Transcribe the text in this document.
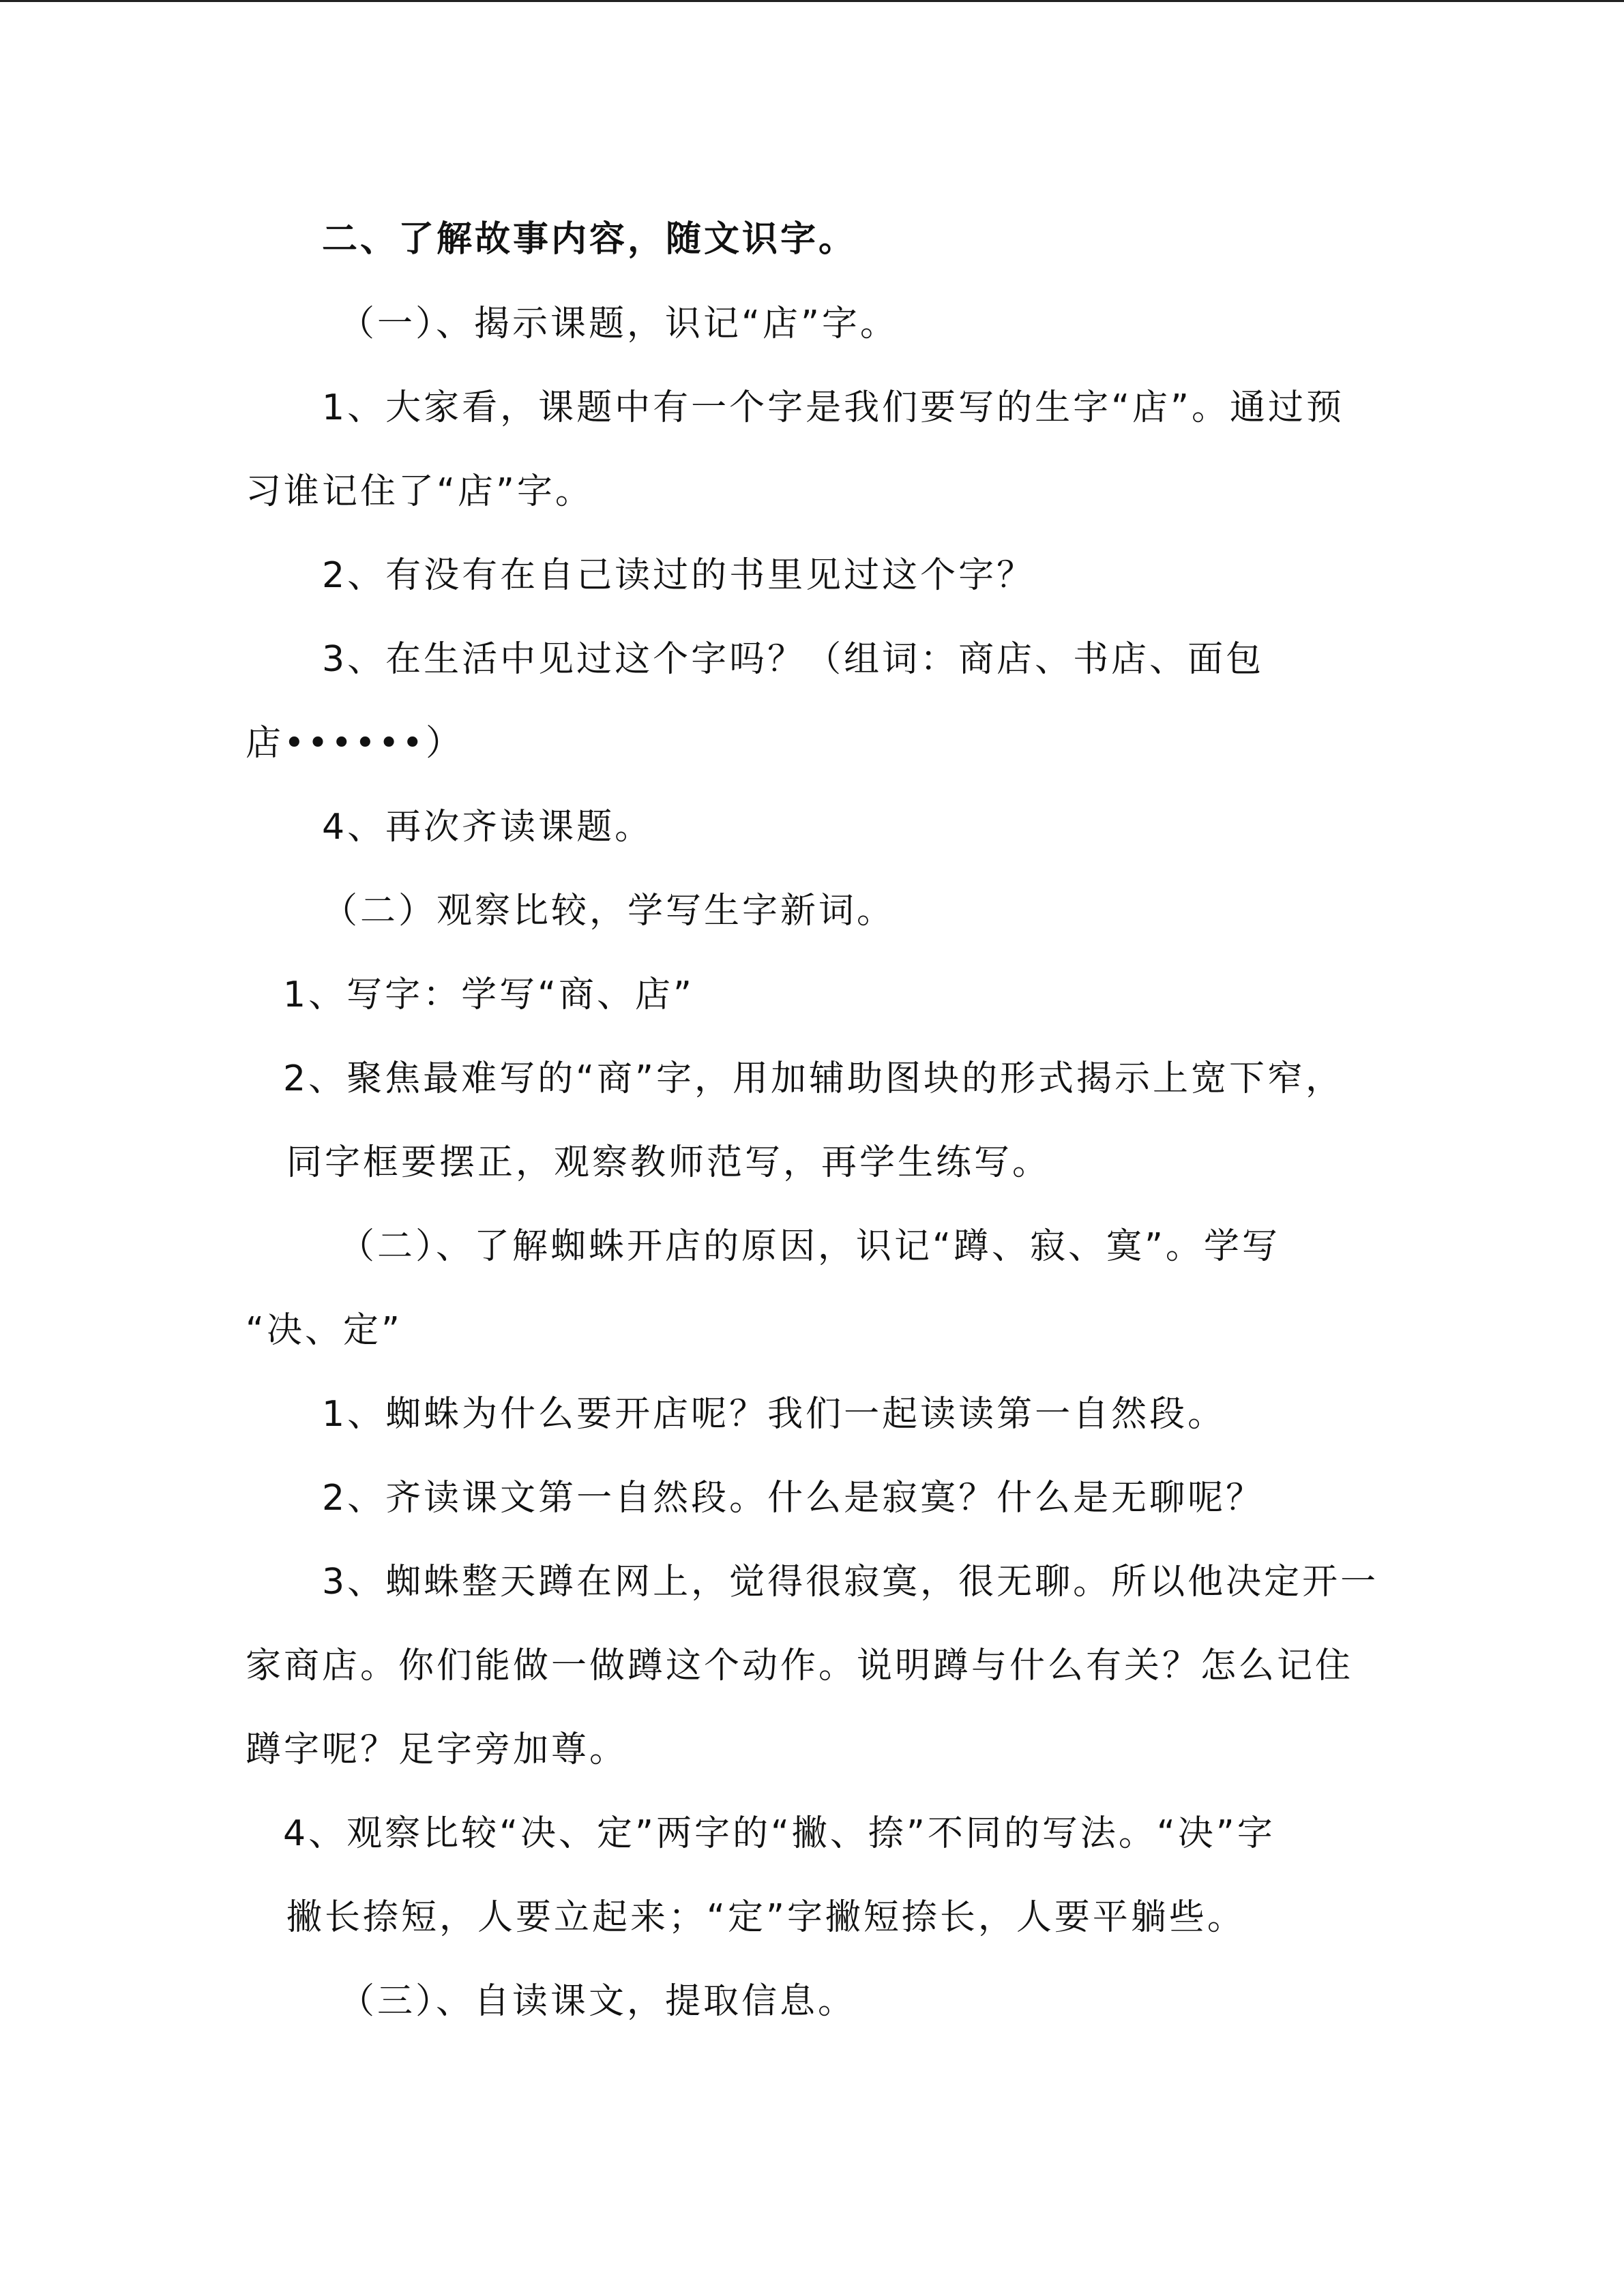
二、了解故事内容，随文识字。
（一）、揭示课题，识记“店”字。
1、大家看，课题中有一个字是我们要写的生字“店”。通过预
习谁记住了“店”字。
2、有没有在自己读过的书里见过这个字？
3、在生活中见过这个字吗？（组词：商店、书店、面包
店••••••）
4、再次齐读课题。
（二）观察比较，学写生字新词。
1、写字：学写“商、店”
2、聚焦最难写的“商”字，用加辅助图块的形式揭示上宽下窄，
同字框要摆正，观察教师范写，再学生练写。
（二）、了解蜘蛛开店的原因，识记“蹲、寂、寞”。学写
“决、定”
1、蜘蛛为什么要开店呢？我们一起读读第一自然段。
2、齐读课文第一自然段。什么是寂寞？什么是无聊呢？
3、蜘蛛整天蹲在网上，觉得很寂寞，很无聊。所以他决定开一
家商店。你们能做一做蹲这个动作。说明蹲与什么有关？怎么记住
蹲字呢？足字旁加尊。
4、观察比较“决、定”两字的“撇、捺”不同的写法。“决”字
撇长捺短，人要立起来；“定”字撇短捺长，人要平躺些。
（三）、自读课文，提取信息。
